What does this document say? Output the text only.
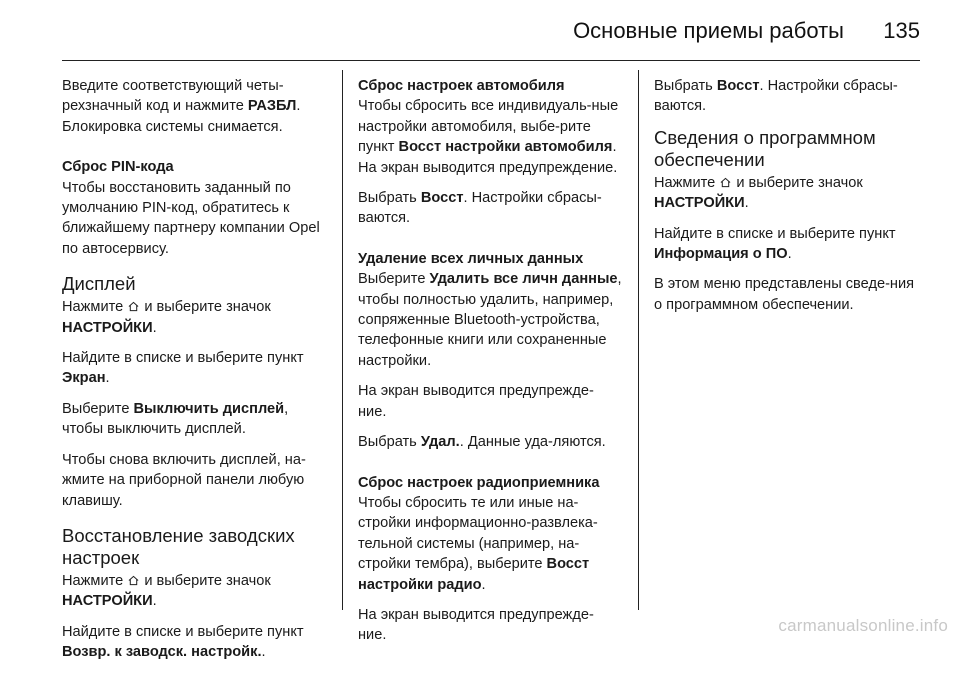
Основные приемы работы 135

Введите соответствующий четы-
рехзначный код и нажмите РАЗБЛ.
Блокировка системы снимается.

Сброс PIN-кода

Чтобы восстановить заданный по умолчанию PIN-код, обратитесь к ближайшему партнеру компании Opel по автосервису.

Дисплей

Нажмите  и выберите значок НАСТРОЙКИ.

Найдите в списке и выберите пункт Экран.

Выберите Выключить дисплей, чтобы выключить дисплей.

Чтобы снова включить дисплей, на-жмите на приборной панели любую клавишу.

Восстановление заводских настроек

Нажмите  и выберите значок НАСТРОЙКИ.

Найдите в списке и выберите пункт Возвр. к заводск. настройк..

Сброс настроек автомобиля

Чтобы сбросить все индивидуаль-ные настройки автомобиля, выбе-рите пункт Восст настройки автомобиля. На экран выводится предупреждение.

Выбрать Восст. Настройки сбрасы-ваются.

Удаление всех личных данных

Выберите Удалить все личн данные, чтобы полностью удалить, например, сопряженные Bluetooth-устройства, телефонные книги или сохраненные настройки.

На экран выводится предупрежде-ние.

Выбрать Удал.. Данные уда-ляются.

Сброс настроек радиоприемника

Чтобы сбросить те или иные на-стройки информационно-развлека-тельной системы (например, на-стройки тембра), выберите Восст настройки радио.

На экран выводится предупрежде-ние.

Выбрать Восст. Настройки сбрасы-ваются.

Сведения о программном обеспечении

Нажмите  и выберите значок НАСТРОЙКИ.

Найдите в списке и выберите пункт Информация о ПО.

В этом меню представлены сведе-ния о программном обеспечении.

carmanualsonline.info
